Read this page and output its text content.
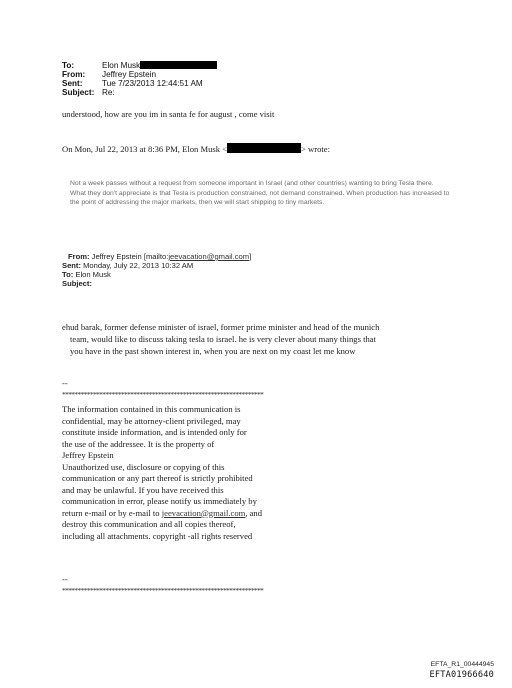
To:	Elon Musk
From: Jeffrey Epstein
Sent: Tue 7/23/2013 12:44:51 AM
Subject: Re:
understood, how are you im in santa fe for august , come visit
On Mon, Jul 22, 2013 at 8:36 PM, Elon Musk <	> wrote:
Not a week passes without a request from someone important in Israel (and other countries) wanting to bring Tesla there. What they don't appreciate is that Tesla is production constrained, not demand constrained. When production has increased to the point of addressing the major markets, then we will start shipping to tiny markets.
From: Jeffrey Epstein [mailto:jeevacation@gmail.com]
Sent: Monday, July 22, 2013 10:32 AM
To: Elon Musk
Subject:
ehud barak, former defense minister of israel, former prime minister and head of the munich
team, would like to discuss taking tesla to israel. he is very clever about many things that
you have in the past shown interest in, when you are next on my coast let me know
--
*****************************************************************
The information contained in this communication is
confidential, may be attorney-client privileged, may
constitute inside information, and is intended only for
the use of the addressee. It is the property of
Jeffrey Epstein
Unauthorized use, disclosure or copying of this
communication or any part thereof is strictly prohibited
and may be unlawful. If you have received this
communication in error, please notify us immediately by
return e-mail or by e-mail to jeevacation@gmail.com, and
destroy this communication and all copies thereof,
including all attachments. copyright -all rights reserved
--
*****************************************************************
EFTA_R1_00444945
EFTA01966640
